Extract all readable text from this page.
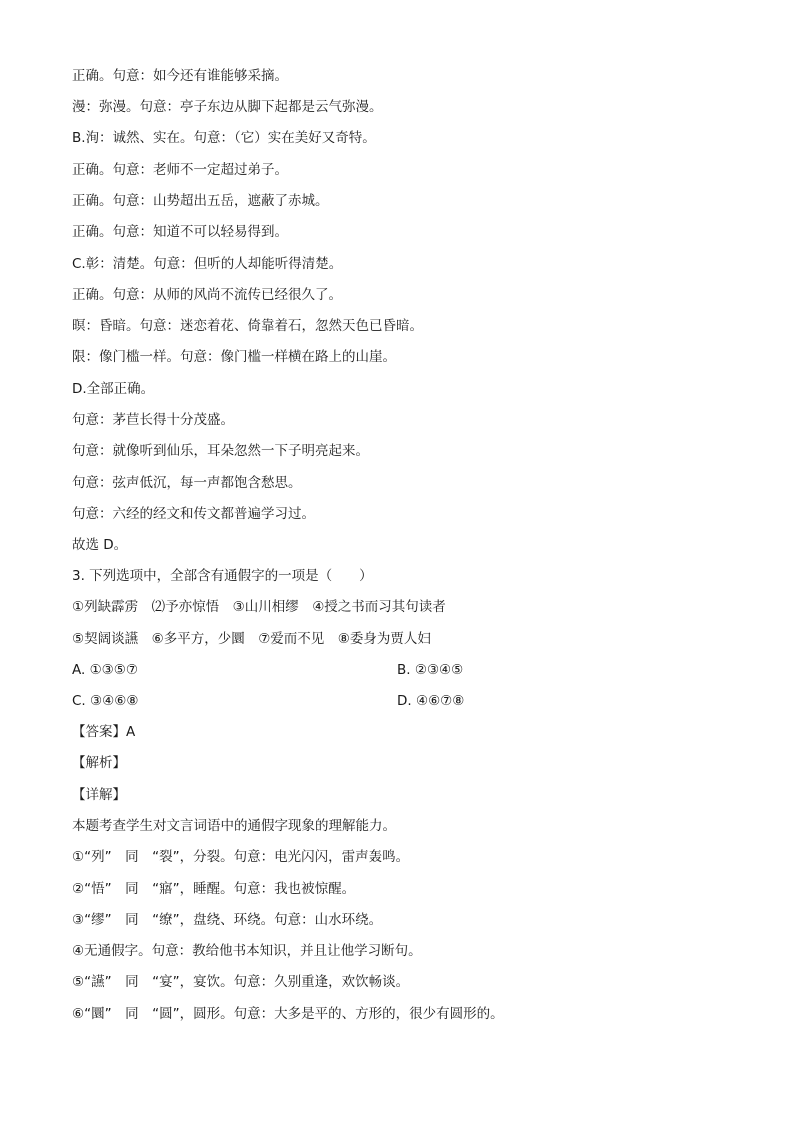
正确。句意：如今还有谁能够采摘。
漫：弥漫。句意：亭子东边从脚下起都是云气弥漫。
B.洵：诚然、实在。句意：（它）实在美好又奇特。
正确。句意：老师不一定超过弟子。
正确。句意：山势超出五岳，遮蔽了赤城。
正确。句意：知道不可以轻易得到。
C.彰：清楚。句意：但听的人却能听得清楚。
正确。句意：从师的风尚不流传已经很久了。
暝：昏暗。句意：迷恋着花、倚靠着石，忽然天色已昏暗。
限：像门槛一样。句意：像门槛一样横在路上的山崖。
D.全部正确。
句意：茅苣长得十分茂盛。
句意：就像听到仙乐，耳朵忽然一下子明亮起来。
句意：弦声低沉，每一声都饱含愁思。
句意：六经的经文和传文都普遍学习过。
故选 D。
3. 下列选项中，全部含有通假字的一项是（　　）
①列缺霹雳　⑵予亦惊悟　③山川相缪　④授之书而习其句读者
⑤契阔谈讌　⑥多平方，少圜　⑦爱而不见　⑧委身为贾人妇
A. ①③⑤⑦	B. ②③④⑤
C. ③④⑥⑧	D. ④⑥⑦⑧
【答案】A
【解析】
【详解】
本题考查学生对文言词语中的通假字现象的理解能力。
①“列”　同　“裂”，分裂。句意：电光闪闪，雷声轰鸣。
②“悟”　同　“寤”，睡醒。句意：我也被惊醒。
③“缪”　同　“缭”，盘绕、环绕。句意：山水环绕。
④无通假字。句意：教给他书本知识，并且让他学习断句。
⑤“讌”　同　“宴”，宴饮。句意：久别重逢，欢饮畅谈。
⑥“圜”　同　“圆”，圆形。句意：大多是平的、方形的，很少有圆形的。
